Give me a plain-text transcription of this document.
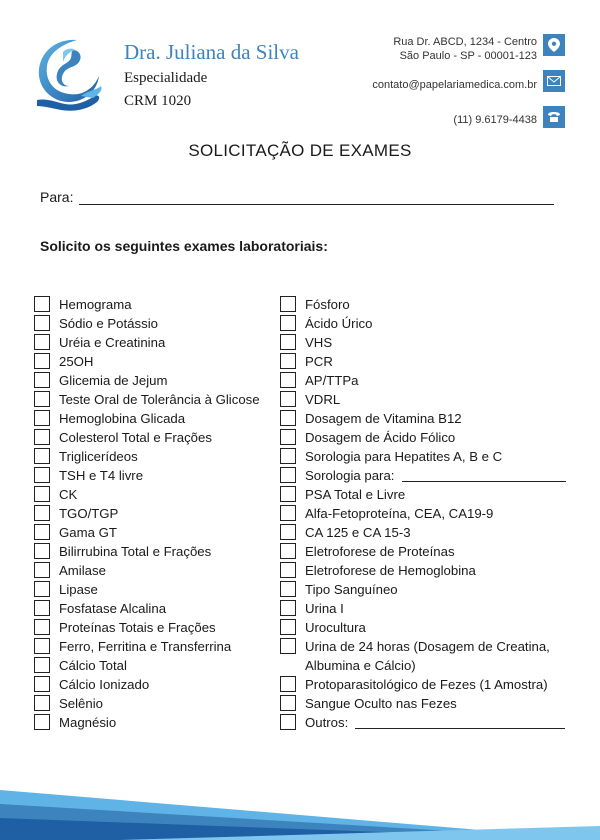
Dra. Juliana da Silva
Especialidade
CRM 1020
Rua Dr. ABCD, 1234 - Centro
São Paulo - SP - 00001-123
contato@papelariamedica.com.br
(11) 9.6179-4438
SOLICITAÇÃO DE EXAMES
Para:
Solicito os seguintes exames laboratoriais:
Hemograma
Sódio e Potássio
Uréia e Creatinina
25OH
Glicemia de Jejum
Teste Oral de Tolerância à Glicose
Hemoglobina Glicada
Colesterol Total e Frações
Triglicerídeos
TSH e T4 livre
CK
TGO/TGP
Gama GT
Bilirrubina Total e Frações
Amilase
Lipase
Fosfatase Alcalina
Proteínas Totais e Frações
Ferro, Ferritina e Transferrina
Cálcio Total
Cálcio Ionizado
Selênio
Magnésio
Fósforo
Ácido Úrico
VHS
PCR
AP/TTPa
VDRL
Dosagem de Vitamina B12
Dosagem de Ácido Fólico
Sorologia para Hepatites A, B e C
Sorologia para:
PSA Total e Livre
Alfa-Fetoproteína, CEA, CA19-9
CA 125 e CA 15-3
Eletroforese de Proteínas
Eletroforese de Hemoglobina
Tipo Sanguíneo
Urina I
Urocultura
Urina de 24 horas (Dosagem de Creatina, Albumina e Cálcio)
Protoparasitológico de Fezes (1 Amostra)
Sangue Oculto nas Fezes
Outros:
